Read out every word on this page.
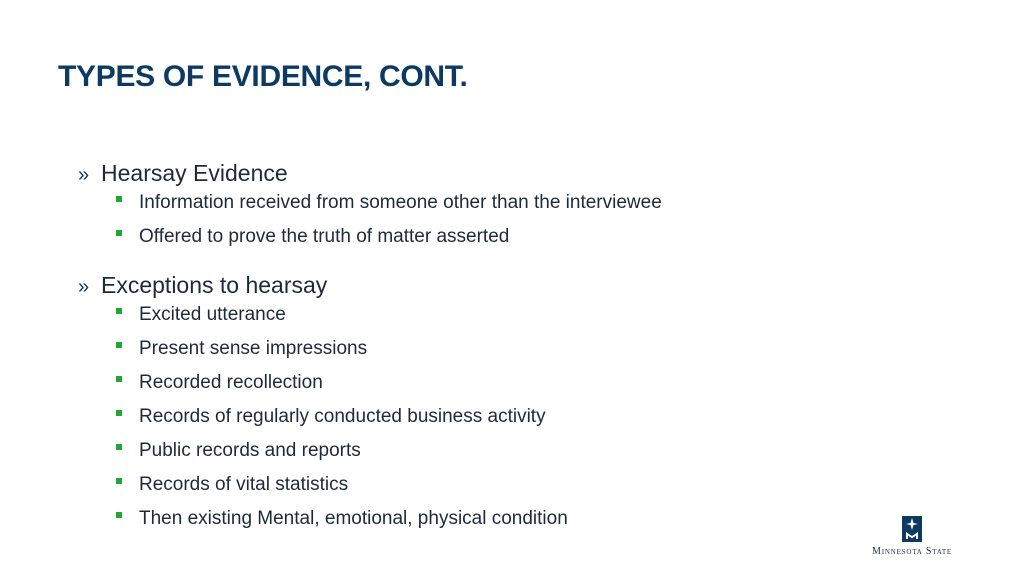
TYPES OF EVIDENCE, CONT.
» Hearsay Evidence
Information received from someone other than the interviewee
Offered to prove the truth of matter asserted
» Exceptions to hearsay
Excited utterance
Present sense impressions
Recorded recollection
Records of regularly conducted business activity
Public records and reports
Records of vital statistics
Then existing Mental, emotional, physical condition
Minnesota State
